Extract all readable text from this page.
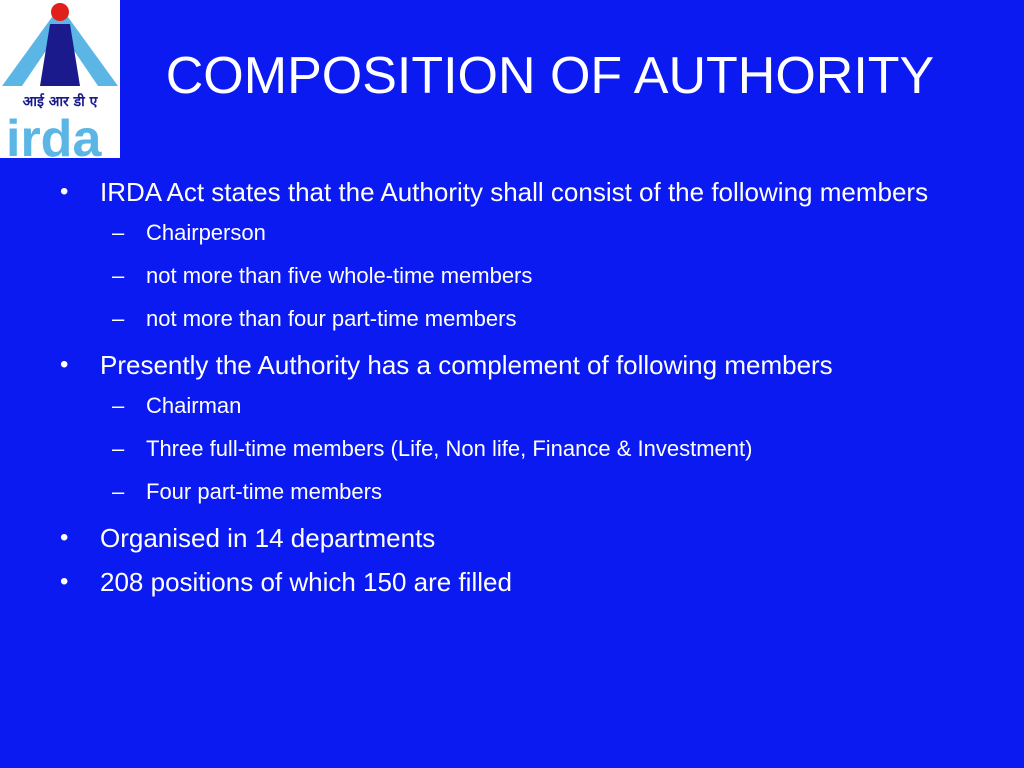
आई आर डी ए
irda
COMPOSITION OF AUTHORITY
•	IRDA Act states that the Authority shall consist of the following members
– Chairperson
– not more than five whole-time members
– not more than four part-time members
•	Presently the Authority has a complement of following members
– Chairman
– Three full-time members (Life, Non life, Finance & Investment)
– Four part-time members
•	Organised in 14 departments
•	208 positions of which 150 are filled
